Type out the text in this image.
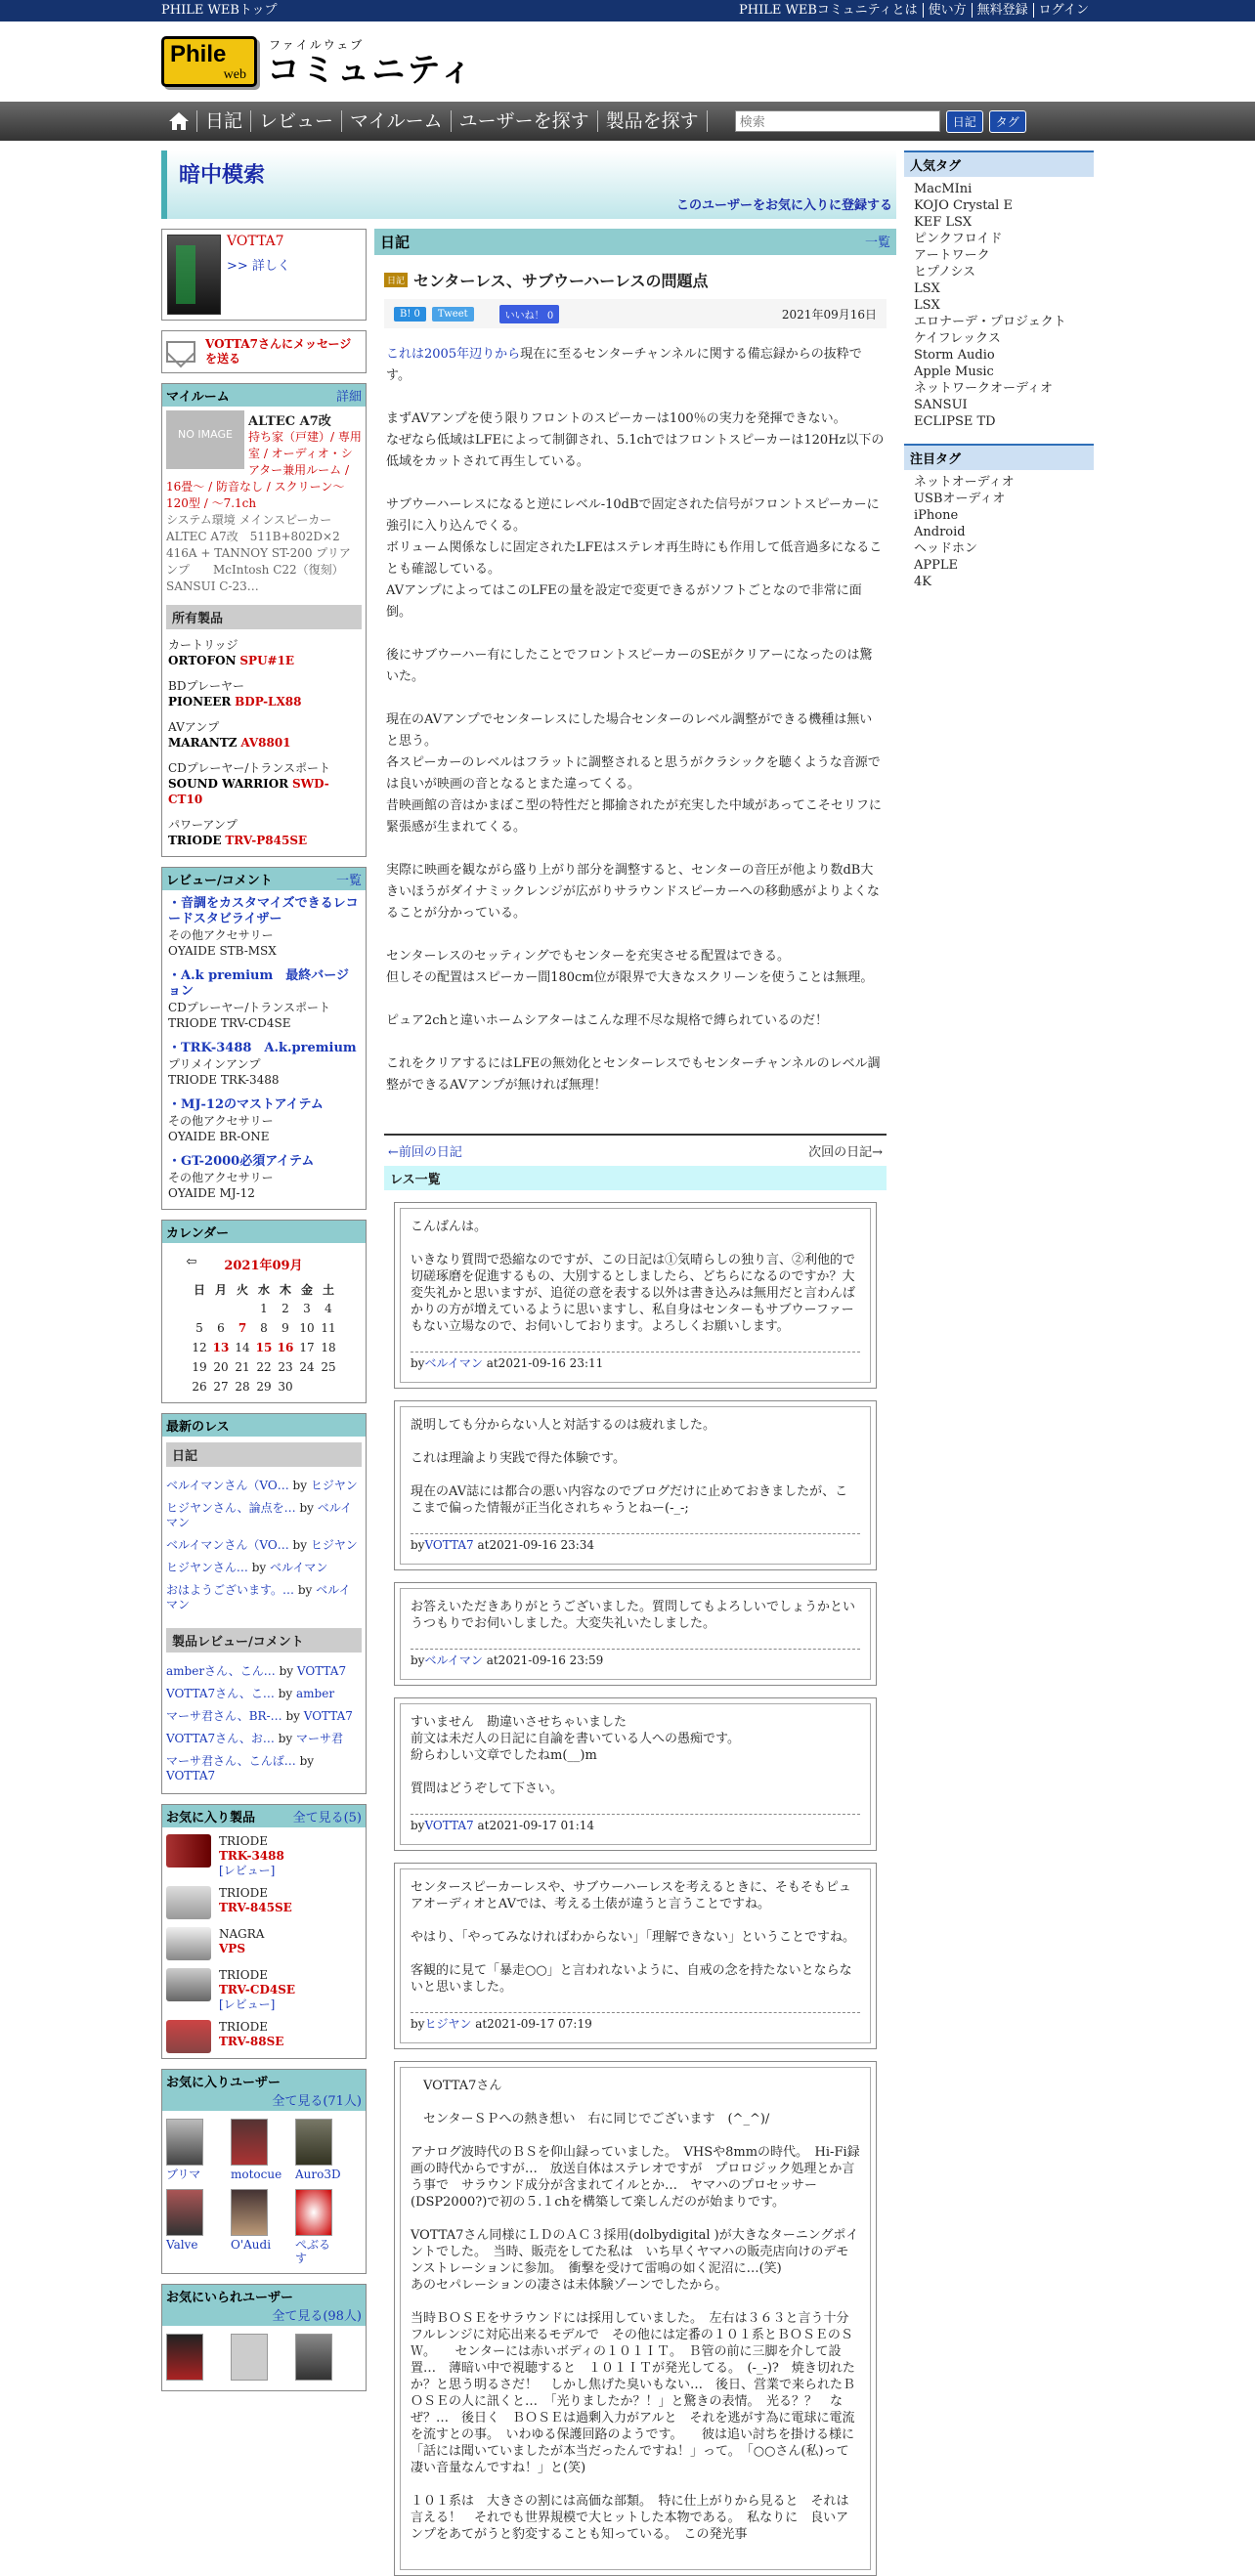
PHILE WEBトップ	PHILE WEBコミュニティとは 使い方 無料登録 ログイン
Phile
web
ファイルウェブ
コミュニティ
日記 レビュー マイルーム ユーザーを探す 製品を探す
検索	日記	タグ
暗中模索
このユーザーをお気に入りに登録する
VOTTA7
>> 詳しく
VOTTA7さんにメッセージを送る
マイルーム	詳細
NO IMAGE
ALTEC A7改
持ち家（戸建）/ 専用室 / オーディオ・シアター兼用ルーム / 16畳～ / 防音なし / スクリーン～120型 / ～7.1ch
システム環境 メインスピーカー ALTEC A7改　511B+802D×2　416A + TANNOY ST-200 プリアンプ　　McIntosh C22（復刻）　SANSUI C-23…
所有製品
カートリッジ
ORTOFON SPU#1E
BDプレーヤー
PIONEER BDP-LX88
AVアンプ
MARANTZ AV8801
CDプレーヤー/トランスポート
SOUND WARRIOR SWD-CT10
パワーアンプ
TRIODE TRV-P845SE
レビュー/コメント	一覧
・音調をカスタマイズできるレコードスタビライザー
その他アクセサリー
OYAIDE STB-MSX
・A.k premium　最終バージョン
CDプレーヤー/トランスポート
TRIODE TRV-CD4SE
・TRK-3488　A.k.premium
プリメインアンプ
TRIODE TRK-3488
・MJ-12のマストアイテム
その他アクセサリー
OYAIDE BR-ONE
・GT-2000必須アイテム
その他アクセサリー
OYAIDE MJ-12
カレンダー
⇦ 2021年09月
日	月	火	水	木	金	土
			1	2	3	4
5	6	7	8	9	10	11
12	13	14	15	16	17	18
19	20	21	22	23	24	25
26	27	28	29	30		
最新のレス
日記

ベルイマンさん（VO… by ヒジヤン

ヒジヤンさん、論点を… by ベルイマン

ベルイマンさん（VO… by ヒジヤン

ヒジヤンさん… by ベルイマン

おはようございます。… by ベルイマン

製品レビュー/コメント

amberさん、こん… by VOTTA7

VOTTA7さん、こ… by amber

マーサ君さん、BR-… by VOTTA7

VOTTA7さん、お… by マーサ君

マーサ君さん、こんば… by VOTTA7

お気に入り製品	全て見る(5)
TRIODE
TRK-3488
[レビュー]
TRIODE
TRV-845SE
NAGRA
VPS
TRIODE
TRV-CD4SE
[レビュー]
TRIODE
TRV-88SE
お気に入りユーザー
全て見る(71人)
ブリマ	motocue Auro3D
Valve	O'Audi ぺぶるす
お気にいられユーザー
全て見る(98人)
日記	一覧
日記 センターレス、サブウーハーレスの問題点
B! 0	Tweet	いいね！ 0	2021年09月16日

これは2005年辺りから現在に至るセンターチャンネルに関する備忘録からの抜粋です。

まずAVアンプを使う限りフロントのスピーカーは100％の実力を発揮できない。
なぜなら低域はLFEによって制御され、5.1chではフロントスピーカーは120Hz以下の低域をカットされて再生している。

サブウーハーレスになると逆にレベル-10dBで固定された信号がフロントスピーカーに強引に入り込んでくる。
ボリューム関係なしに固定されたLFEはステレオ再生時にも作用して低音過多になることも確認している。
AVアンプによってはこのLFEの量を設定で変更できるがソフトごとなので非常に面倒。

後にサブウーハー有にしたことでフロントスピーカーのSEがクリアーになったのは驚いた。

現在のAVアンプでセンターレスにした場合センターのレベル調整ができる機種は無いと思う。
各スピーカーのレベルはフラットに調整されると思うがクラシックを聴くような音源では良いが映画の音となるとまた違ってくる。
昔映画館の音はかまぼこ型の特性だと揶揄されたが充実した中域があってこそセリフに緊張感が生まれてくる。

実際に映画を観ながら盛り上がり部分を調整すると、センターの音圧が他より数dB大きいほうがダイナミックレンジが広がりサラウンドスピーカーへの移動感がよりよくなることが分かっている。

センターレスのセッティングでもセンターを充実させる配置はできる。
但しその配置はスピーカー間180cm位が限界で大きなスクリーンを使うことは無理。

ピュア2chと違いホームシアターはこんな理不尽な規格で縛られているのだ！

これをクリアするにはLFEの無効化とセンターレスでもセンターチャンネルのレベル調整ができるAVアンプが無ければ無理！

←前回の日記	次回の日記→
レス一覧

こんばんは。

いきなり質問で恐縮なのですが、この日記は①気晴らしの独り言、②利他的で切磋琢磨を促進するもの、大別するとしましたら、どちらになるのですか？大変失礼かと思いますが、追従の意を表する以外は書き込みは無用だと言わんばかりの方が増えているように思いますし、私自身はセンターもサブウーファーもない立場なので、お伺いしております。よろしくお願いします。

byベルイマン at2021-09-16 23:11

説明しても分からない人と対話するのは疲れました。

これは理論より実践で得た体験です。

現在のAV誌には都合の悪い内容なのでブログだけに止めておきましたが、ここまで偏った情報が正当化されちゃうとねー(-_-;

byVOTTA7 at2021-09-16 23:34

お答えいただきありがとうございました。質問してもよろしいでしょうかというつもりでお伺いしました。大変失礼いたしました。

byベルイマン at2021-09-16 23:59

すいません　勘違いさせちゃいました
前文は未だ人の日記に自論を書いている人への愚痴です。
紛らわしい文章でしたねm(__)m

質問はどうぞして下さい。

byVOTTA7 at2021-09-17 01:14

センタースピーカーレスや、サブウーハーレスを考えるときに、そもそもピュアオーディオとAVでは、考える土俵が違うと言うことですね。

やはり、「やってみなければわからない」「理解できない」ということですね。

客観的に見て「暴走○○」と言われないように、自戒の念を持たないとならないと思いました。

byヒジヤン at2021-09-17 07:19

　VOTTA7さん

　センターＳＰへの熱き想い　右に同じでございます　(^_^)/

アナログ波時代のＢＳを仰山録っていました。　VHSや8mmの時代。　Hi-Fi録画の時代からですが…　放送自体はステレオですが　プロロジック処理とか言う事で　サラウンド成分が含まれてイルとか…　ヤマハのプロセッサー(DSP2000?)で初の５.１chを構築して楽しんだのが始まりです。

VOTTA7さん同様にＬＤのＡＣ３採用(dolbydigital )が大きなターニングポイントでした。　当時、販売をしてた私は　いち早くヤマハの販売店向けのデモンストレーションに参加。　衝撃を受けて雷鳴の如く泥沼に…(笑)
あのセパレーションの凄さは未体験ゾーンでしたから。

当時ＢＯＳＥをサラウンドには採用していました。　左右は３６３と言う十分フルレンジに対応出来るモデルで　その他には定番の１０１系とＢＯＳＥのＳＷ。　　センターには赤いボディの１０１ＩＴ。　Ｂ管の前に三脚を介して設置…　薄暗い中で視聴すると　１０１ＩＴが発光してる。　(-_-)?　焼き切れたか？と思う明るさだ！　しかし焦げた臭いもない…　後日、営業で来られたＢＯＳＥの人に訊くと…　「光りましたか？！」と驚きの表情。　光る？？　なぜ？…　後日く　ＢＯＳＥは過剰入力がアルと　それを逃がす為に電球に電流を流すとの事。　いわゆる保護回路のようです。　　彼は追い討ちを掛ける様に「話には聞いていましたが本当だったんですね！」って。　「○○さん(私)って凄い音量なんですね！」と(笑)

１０１系は　大きさの割には高価な部類。　特に仕上がりから見ると　それは言える！　それでも世界規模で大ヒットした本物である。　私なりに　良いアンプをあてがうと豹変することも知っている。　この発光事

人気タグ
MacMIni
KOJO Crystal E
KEF LSX
ピンクフロイド
アートワーク
ヒプノシス
LSX
LSX
エロナーデ・プロジェクト
ケイフレックス
Storm Audio
Apple Music
ネットワークオーディオ
SANSUI
ECLIPSE TD
注目タグ
ネットオーディオ
USBオーディオ
iPhone
Android
ヘッドホン
APPLE
4K
